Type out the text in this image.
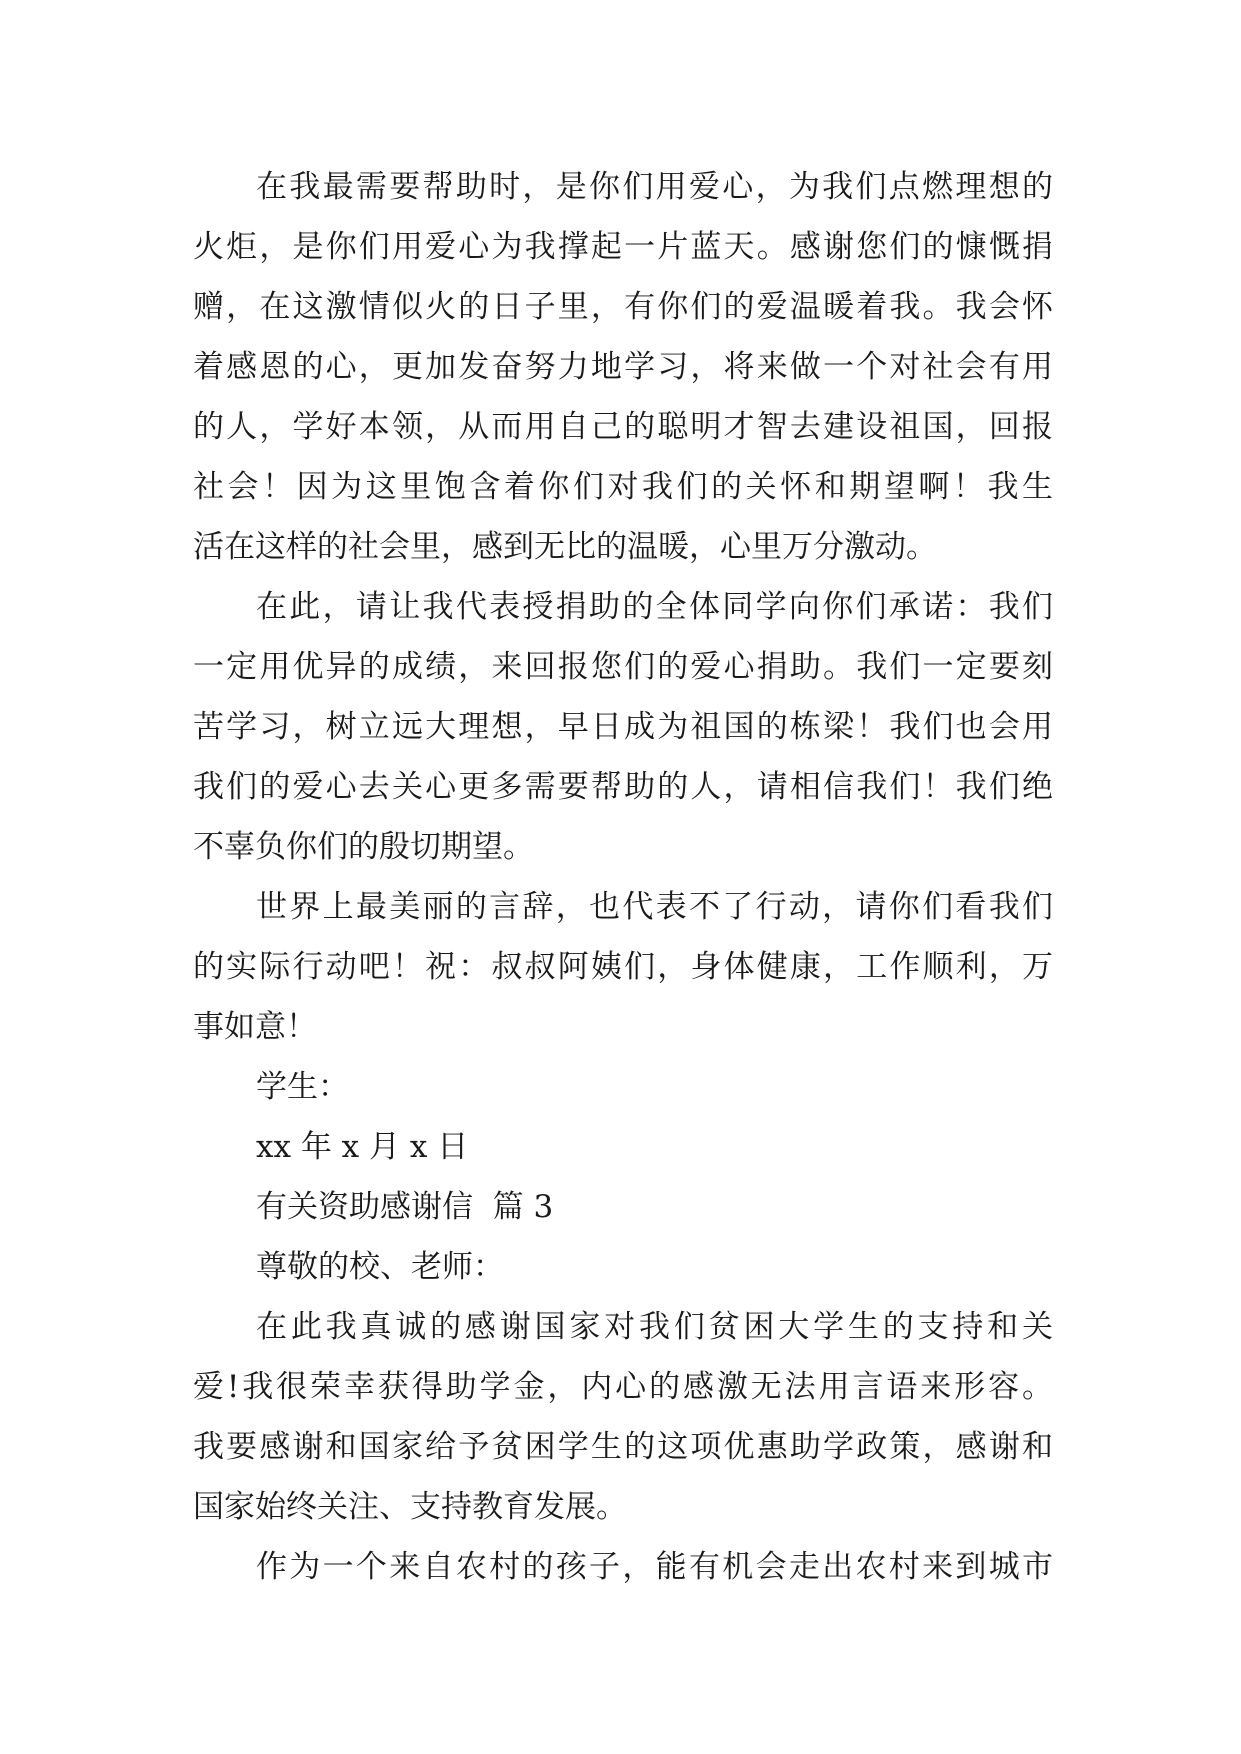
在我最需要帮助时，是你们用爱心，为我们点燃理想的
火炬，是你们用爱心为我撑起一片蓝天。感谢您们的慷慨捐
赠，在这激情似火的日子里，有你们的爱温暖着我。我会怀
着感恩的心，更加发奋努力地学习，将来做一个对社会有用
的人，学好本领，从而用自己的聪明才智去建设祖国，回报
社会！因为这里饱含着你们对我们的关怀和期望啊！我生
活在这样的社会里，感到无比的温暖，心里万分激动。
在此，请让我代表授捐助的全体同学向你们承诺：我们
一定用优异的成绩，来回报您们的爱心捐助。我们一定要刻
苦学习，树立远大理想，早日成为祖国的栋梁！我们也会用
我们的爱心去关心更多需要帮助的人，请相信我们！我们绝
不辜负你们的殷切期望。
世界上最美丽的言辞，也代表不了行动，请你们看我们
的实际行动吧！祝：叔叔阿姨们，身体健康，工作顺利，万
事如意！
学生：
xx 年 x 月 x 日
有关资助感谢信  篇 3
尊敬的校、老师：
在此我真诚的感谢国家对我们贫困大学生的支持和关
爱!我很荣幸获得助学金，内心的感激无法用言语来形容。
我要感谢和国家给予贫困学生的这项优惠助学政策，感谢和
国家始终关注、支持教育发展。
作为一个来自农村的孩子，能有机会走出农村来到城市
